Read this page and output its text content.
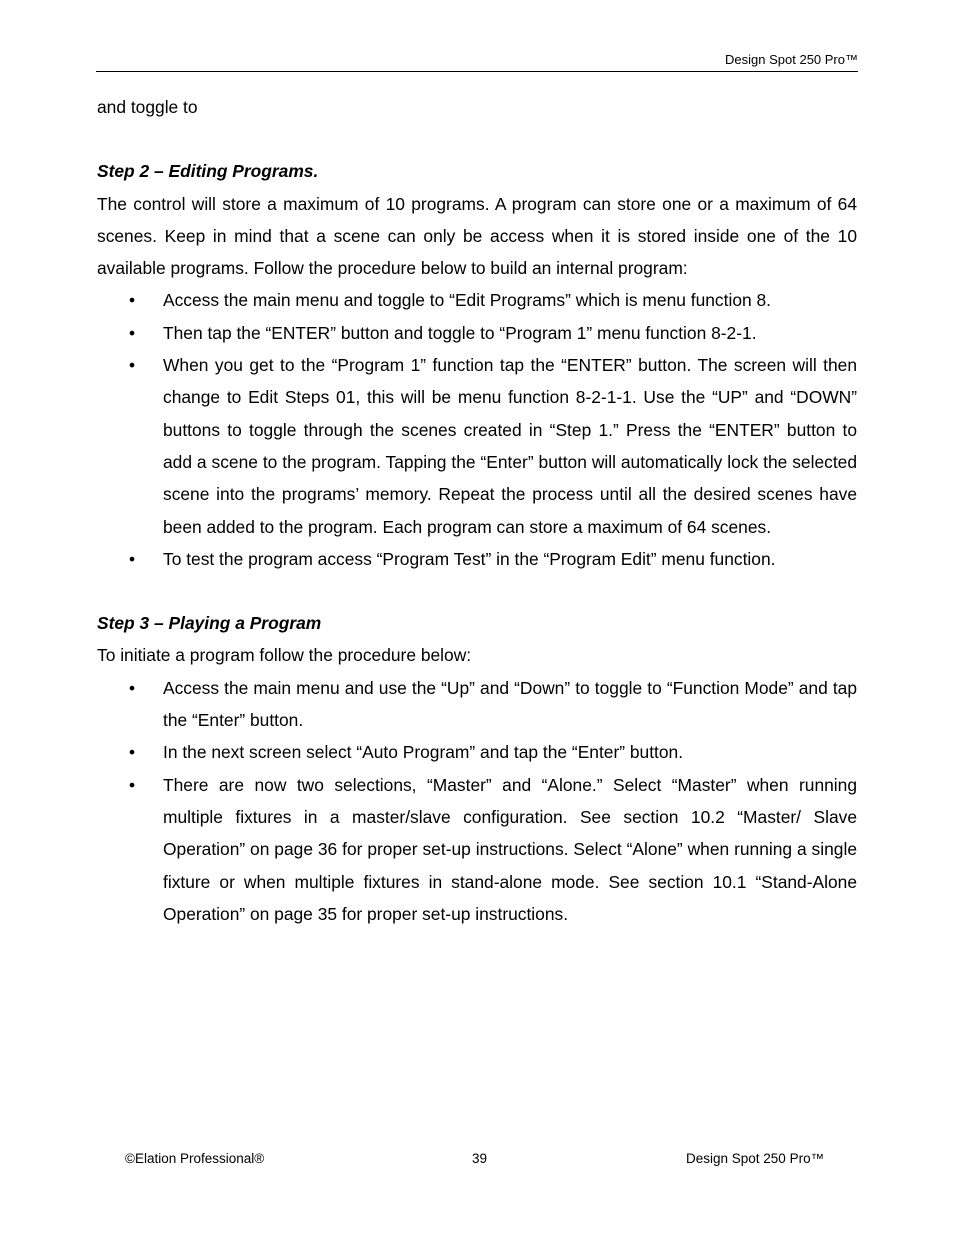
Design Spot 250 Pro™

and toggle to

Step 2 – Editing Programs.

The control will store a maximum of 10 programs. A program can store one or a maximum of 64 scenes. Keep in mind that a scene can only be access when it is stored inside one of the 10 available programs. Follow the procedure below to build an internal program:

• Access the main menu and toggle to “Edit Programs” which is menu function 8.
• Then tap the “ENTER” button and toggle to “Program 1” menu function 8-2-1.
• When you get to the “Program 1” function tap the “ENTER” button. The screen will then change to Edit Steps 01, this will be menu function 8-2-1-1. Use the “UP” and “DOWN” buttons to toggle through the scenes created in “Step 1.” Press the “ENTER” button to add a scene to the program. Tapping the “Enter” button will automatically lock the selected scene into the programs’ memory. Repeat the process until all the desired scenes have been added to the program. Each program can store a maximum of 64 scenes.
• To test the program access “Program Test” in the “Program Edit” menu function.

Step 3 – Playing a Program

To initiate a program follow the procedure below:

• Access the main menu and use the “Up” and “Down” to toggle to “Function Mode” and tap the “Enter” button.
• In the next screen select “Auto Program” and tap the “Enter” button.
• There are now two selections, “Master” and “Alone.” Select “Master” when running multiple fixtures in a master/slave configuration. See section 10.2 “Master/ Slave Operation” on page 36 for proper set-up instructions. Select “Alone” when running a single fixture or when multiple fixtures in stand-alone mode. See section 10.1 “Stand-Alone Operation” on page 35 for proper set-up instructions.
©Elation Professional®	39	Design Spot 250 Pro™
